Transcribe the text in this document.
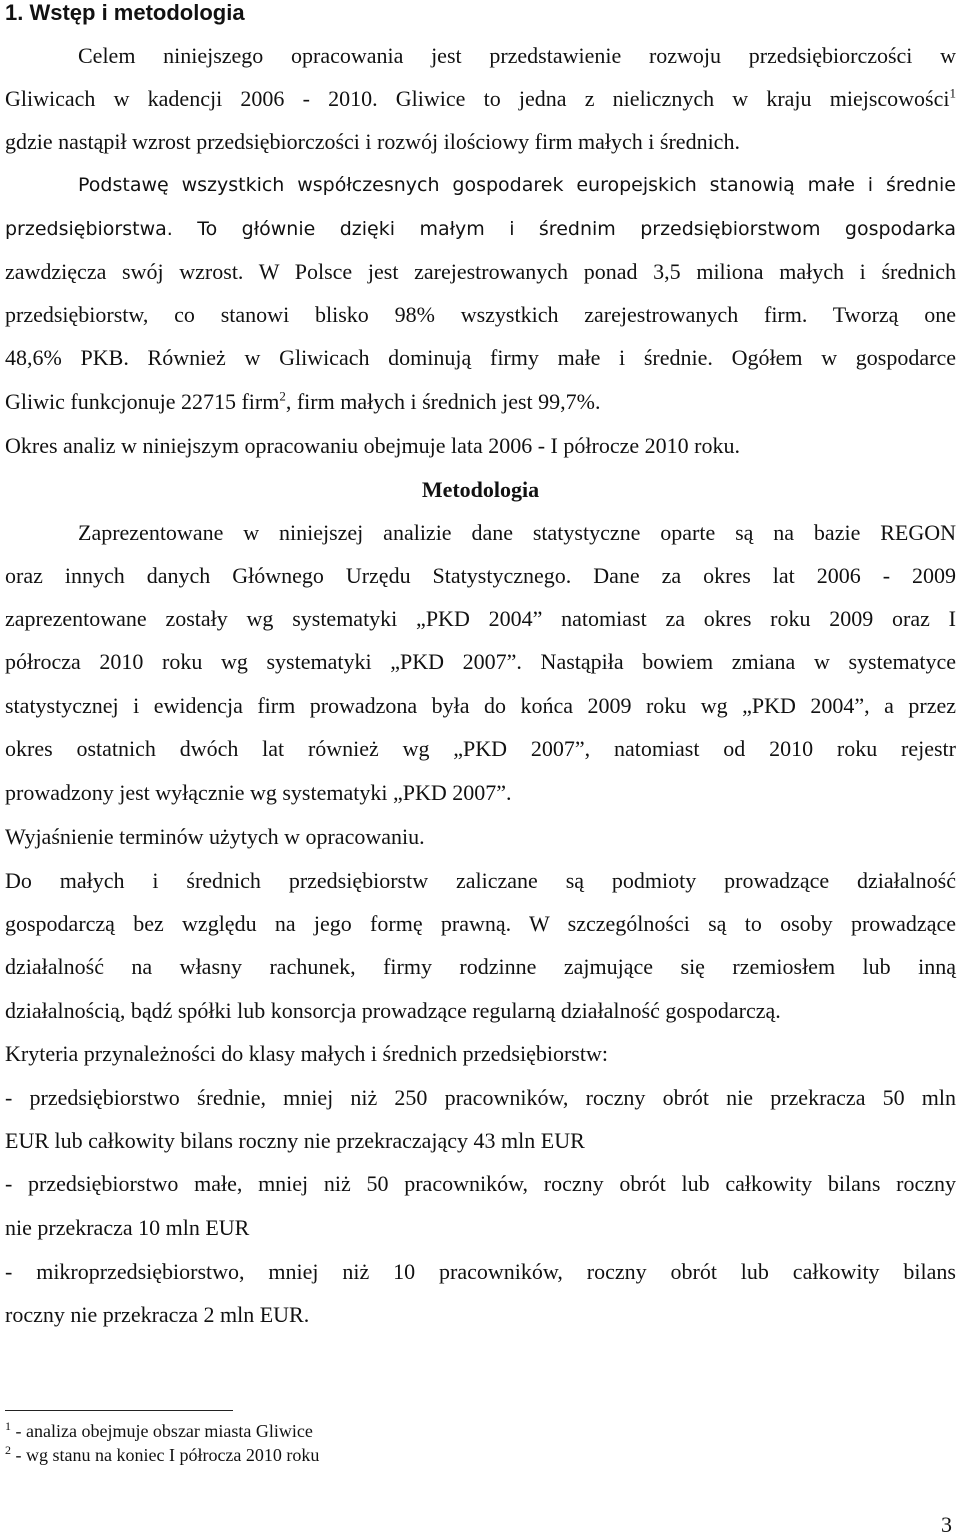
1. Wstęp i metodologia
Celem niniejszego opracowania jest przedstawienie rozwoju przedsiębiorczości w
Gliwicach w kadencji 2006 - 2010. Gliwice to jedna z nielicznych w kraju miejscowości$^1$
gdzie nastąpił wzrost przedsiębiorczości i rozwój ilościowy firm małych i średnich.
Podstawę wszystkich współczesnych gospodarek europejskich stanowią małe i średnie
przedsiębiorstwa. To głównie dzięki małym i średnim przedsiębiorstwom gospodarka
zawdzięcza swój wzrost. W Polsce jest zarejestrowanych ponad 3,5 miliona małych i średnich
przedsiębiorstw, co stanowi blisko 98% wszystkich zarejestrowanych firm. Tworzą one
48,6% PKB. Również w Gliwicach dominują firmy małe i średnie. Ogółem w gospodarce
Gliwic funkcjonuje 22715 firm$^2$, firm małych i średnich jest 99,7%.
Okres analiz w niniejszym opracowaniu obejmuje lata 2006 - I półrocze 2010 roku.
Metodologia
Zaprezentowane w niniejszej analizie dane statystyczne oparte są na bazie REGON
oraz innych danych Głównego Urzędu Statystycznego. Dane za okres lat 2006 - 2009
zaprezentowane zostały wg systematyki „PKD 2004” natomiast za okres roku 2009 oraz I
półrocza 2010 roku wg systematyki „PKD 2007”. Nastąpiła bowiem zmiana w systematyce
statystycznej i ewidencja firm prowadzona była do końca 2009 roku wg „PKD 2004”, a przez
okres ostatnich dwóch lat również wg „PKD 2007”, natomiast od 2010 roku rejestr
prowadzony jest wyłącznie wg systematyki „PKD 2007”.
Wyjaśnienie terminów użytych w opracowaniu.
Do małych i średnich przedsiębiorstw zaliczane są podmioty prowadzące działalność
gospodarczą bez względu na jego formę prawną. W szczególności są to osoby prowadzące
działalność na własny rachunek, firmy rodzinne zajmujące się rzemiosłem lub inną
działalnością, bądź spółki lub konsorcja prowadzące regularną działalność gospodarczą.
Kryteria przynależności do klasy małych i średnich przedsiębiorstw:
- przedsiębiorstwo średnie, mniej niż 250 pracowników, roczny obrót nie przekracza 50 mln
EUR lub całkowity bilans roczny nie przekraczający 43 mln EUR
- przedsiębiorstwo małe, mniej niż 50 pracowników, roczny obrót lub całkowity bilans roczny
nie przekracza 10 mln EUR
- mikroprzedsiębiorstwo, mniej niż 10 pracowników, roczny obrót lub całkowity bilans
roczny nie przekracza 2 mln EUR.
$^1$ - analiza obejmuje obszar miasta Gliwice
$^2$ - wg stanu na koniec I półrocza 2010 roku
3
